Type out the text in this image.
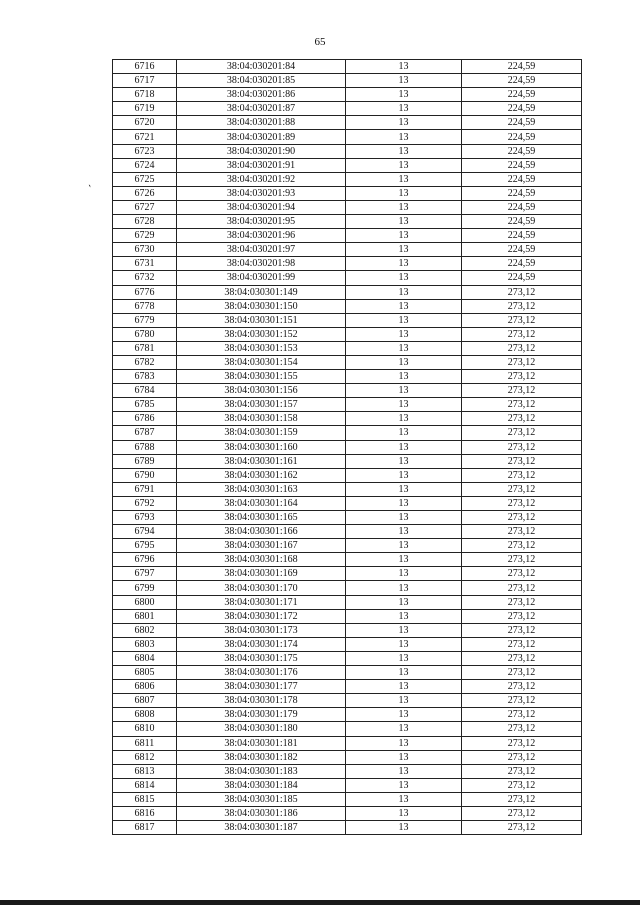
65
`
6716	38:04:030201:84	13	224,59
6717	38:04:030201:85	13	224,59
6718	38:04:030201:86	13	224,59
6719	38:04:030201:87	13	224,59
6720	38:04:030201:88	13	224,59
6721	38:04:030201:89	13	224,59
6723	38:04:030201:90	13	224,59
6724	38:04:030201:91	13	224,59
6725	38:04:030201:92	13	224,59
6726	38:04:030201:93	13	224,59
6727	38:04:030201:94	13	224,59
6728	38:04:030201:95	13	224,59
6729	38:04:030201:96	13	224,59
6730	38:04:030201:97	13	224,59
6731	38:04:030201:98	13	224,59
6732	38:04:030201:99	13	224,59
6776	38:04:030301:149	13	273,12
6778	38:04:030301:150	13	273,12
6779	38:04:030301:151	13	273,12
6780	38:04:030301:152	13	273,12
6781	38:04:030301:153	13	273,12
6782	38:04:030301:154	13	273,12
6783	38:04:030301:155	13	273,12
6784	38:04:030301:156	13	273,12
6785	38:04:030301:157	13	273,12
6786	38:04:030301:158	13	273,12
6787	38:04:030301:159	13	273,12
6788	38:04:030301:160	13	273,12
6789	38:04:030301:161	13	273,12
6790	38:04:030301:162	13	273,12
6791	38:04:030301:163	13	273,12
6792	38:04:030301:164	13	273,12
6793	38:04:030301:165	13	273,12
6794	38:04:030301:166	13	273,12
6795	38:04:030301:167	13	273,12
6796	38:04:030301:168	13	273,12
6797	38:04:030301:169	13	273,12
6799	38:04:030301:170	13	273,12
6800	38:04:030301:171	13	273,12
6801	38:04:030301:172	13	273,12
6802	38:04:030301:173	13	273,12
6803	38:04:030301:174	13	273,12
6804	38:04:030301:175	13	273,12
6805	38:04:030301:176	13	273,12
6806	38:04:030301:177	13	273,12
6807	38:04:030301:178	13	273,12
6808	38:04:030301:179	13	273,12
6810	38:04:030301:180	13	273,12
6811	38:04:030301:181	13	273,12
6812	38:04:030301:182	13	273,12
6813	38:04:030301:183	13	273,12
6814	38:04:030301:184	13	273,12
6815	38:04:030301:185	13	273,12
6816	38:04:030301:186	13	273,12
6817	38:04:030301:187	13	273,12
